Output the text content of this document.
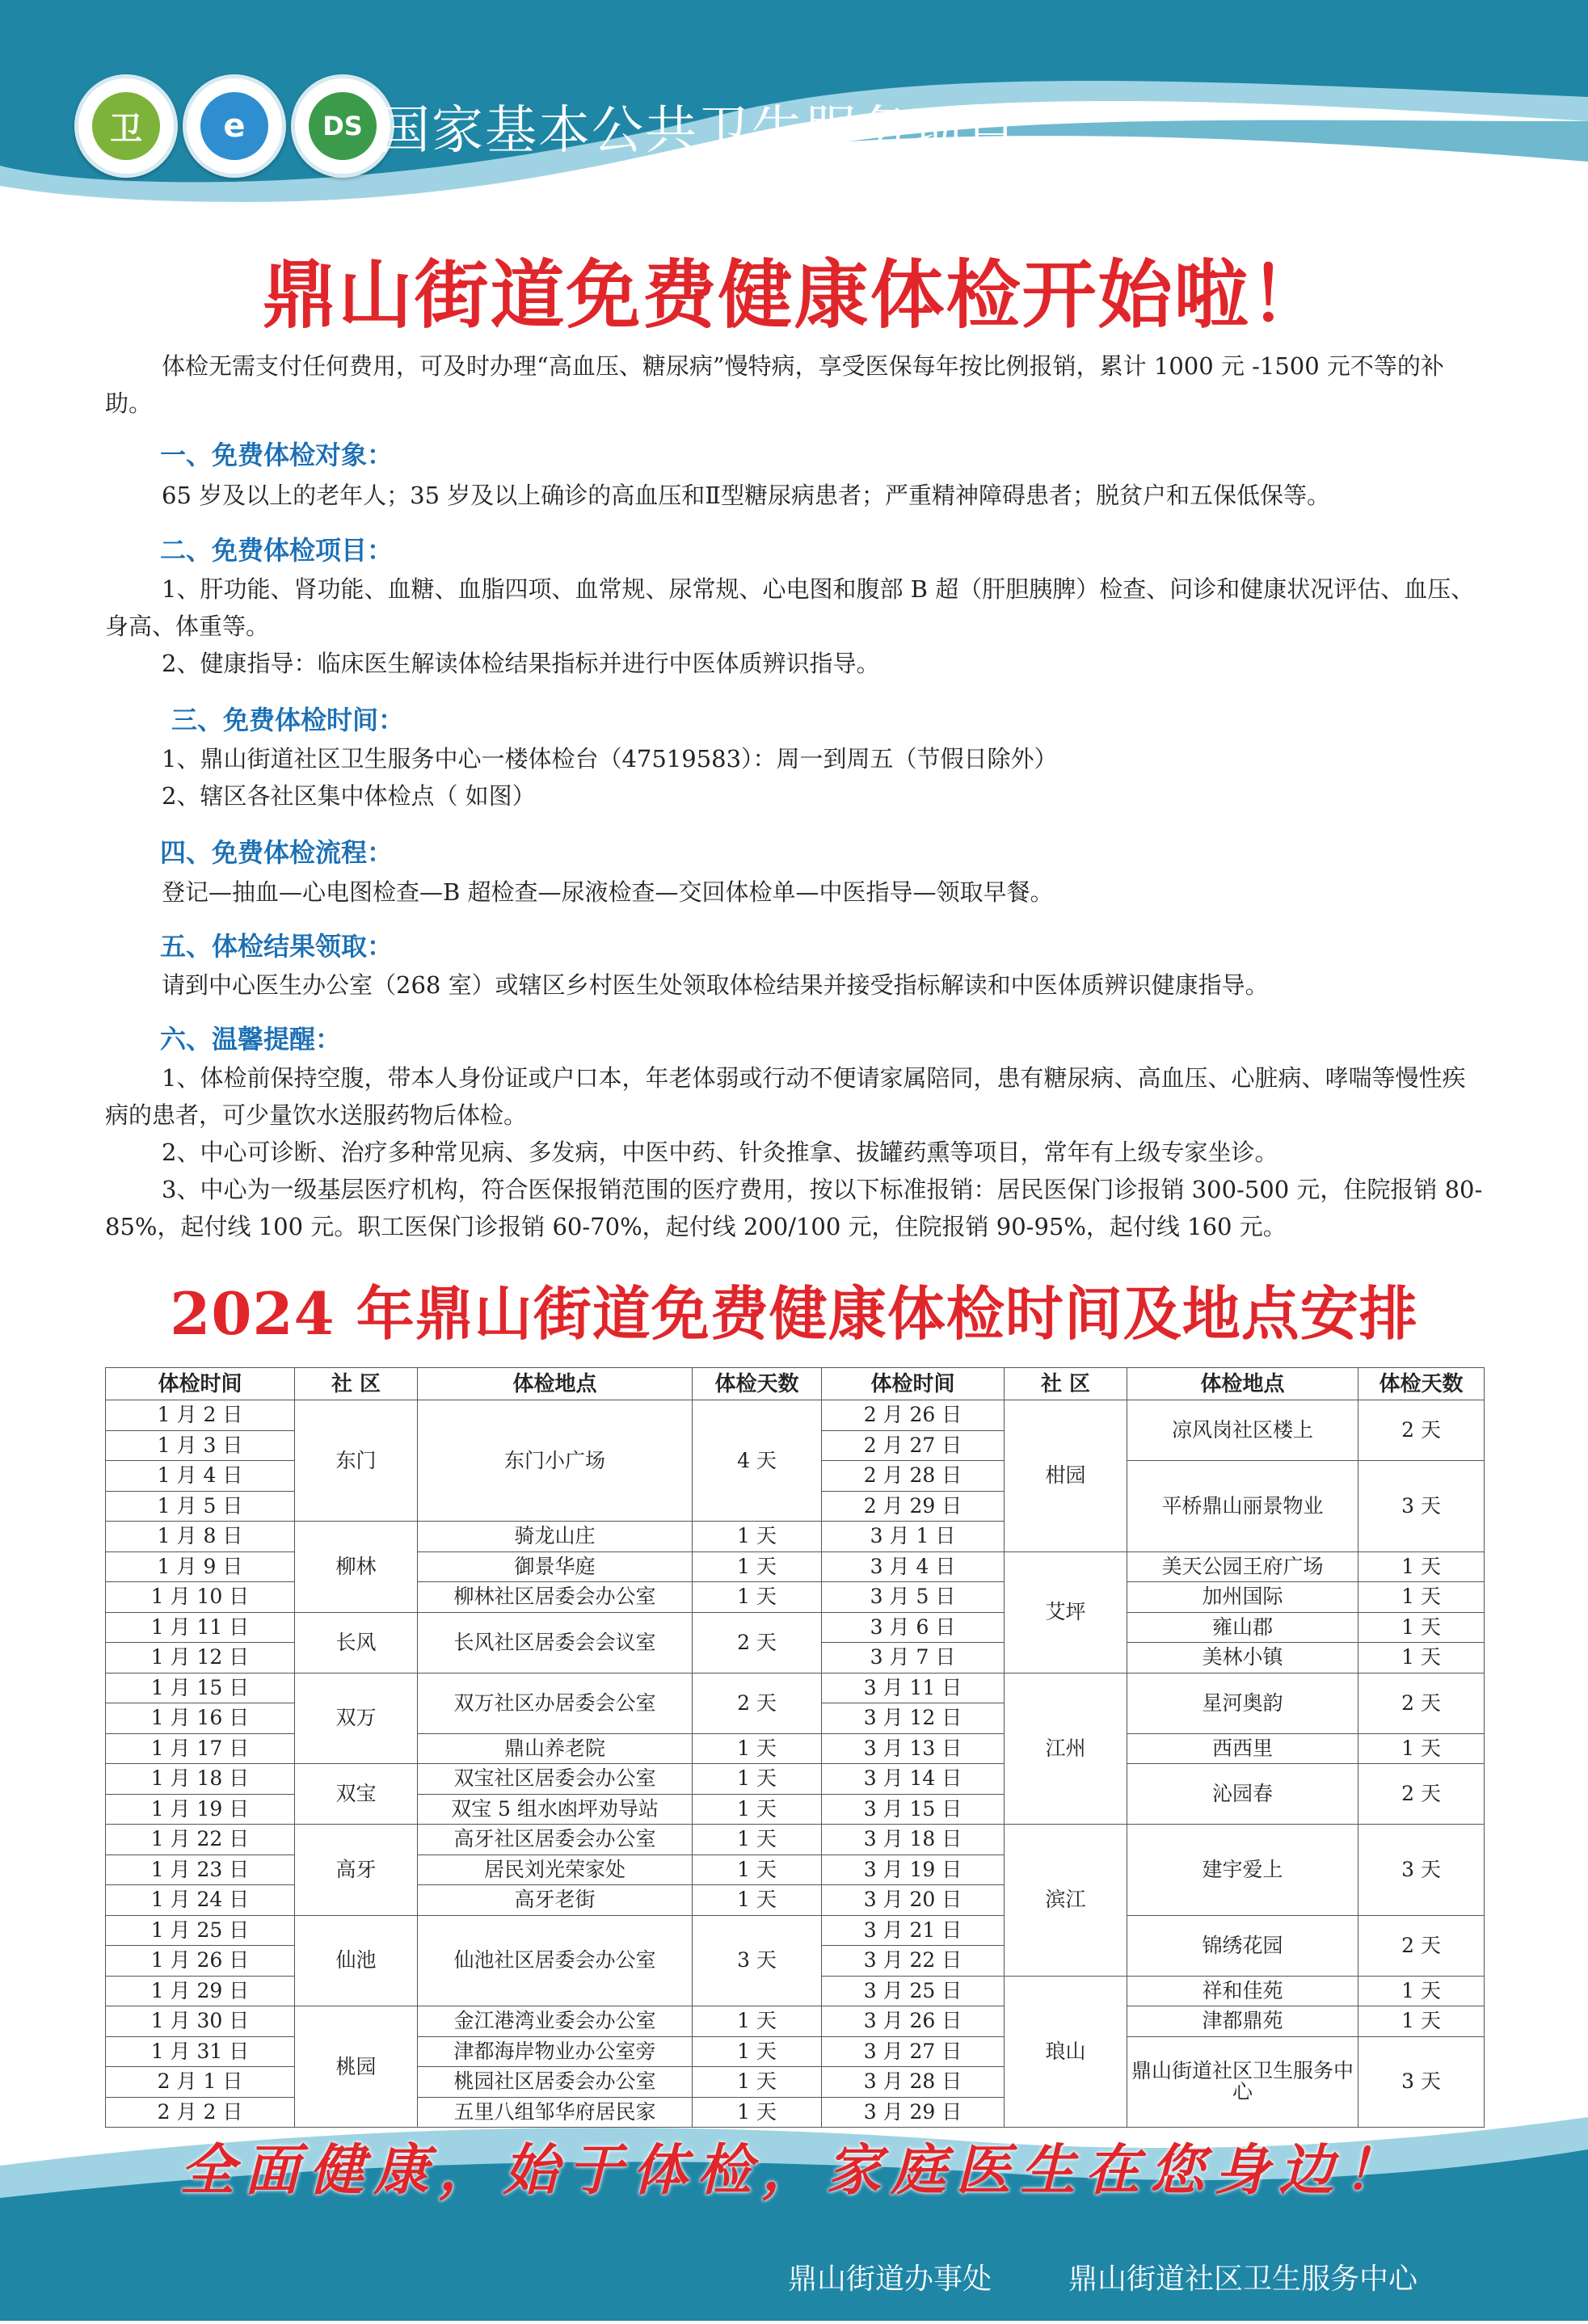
卫	e	DS 国家基本公共卫生服务项目
鼎山街道免费健康体检开始啦！
体检无需支付任何费用，可及时办理“高血压、糖尿病”慢特病，享受医保每年按比例报销，累计 1000 元 -1500 元不等的补助。
一、免费体检对象：
65 岁及以上的老年人；35 岁及以上确诊的高血压和Ⅱ型糖尿病患者；严重精神障碍患者；脱贫户和五保低保等。
二、免费体检项目：
1、肝功能、肾功能、血糖、血脂四项、血常规、尿常规、心电图和腹部 B 超（肝胆胰脾）检查、问诊和健康状况评估、血压、身高、体重等。
2、健康指导：临床医生解读体检结果指标并进行中医体质辨识指导。
三、免费体检时间：
1、鼎山街道社区卫生服务中心一楼体检台（47519583）：周一到周五（节假日除外）
2、辖区各社区集中体检点（ 如图）
四、免费体检流程：
登记—抽血—心电图检查—B 超检查—尿液检查—交回体检单—中医指导—领取早餐。
五、体检结果领取：
请到中心医生办公室（268 室）或辖区乡村医生处领取体检结果并接受指标解读和中医体质辨识健康指导。
六、温馨提醒：
1、体检前保持空腹，带本人身份证或户口本，年老体弱或行动不便请家属陪同，患有糖尿病、高血压、心脏病、哮喘等慢性疾病的患者，可少量饮水送服药物后体检。
2、中心可诊断、治疗多种常见病、多发病，中医中药、针灸推拿、拔罐药熏等项目，常年有上级专家坐诊。
3、中心为一级基层医疗机构，符合医保报销范围的医疗费用，按以下标准报销：居民医保门诊报销 300-500 元，住院报销 80-85%，起付线 100 元。职工医保门诊报销 60-70%，起付线 200/100 元，住院报销 90-95%，起付线 160 元。
2024 年鼎山街道免费健康体检时间及地点安排
体检时间	社 区	体检地点	体检天数	体检时间	社 区	体检地点	体检天数
1 月 2 日	东门	东门小广场	4 天	2 月 26 日	柑园	凉风岗社区楼上	2 天
1 月 3 日				2 月 27 日			
1 月 4 日				2 月 28 日		平桥鼎山丽景物业	3 天
1 月 5 日				2 月 29 日			
1 月 8 日	柳林	骑龙山庄	1 天	3 月 1 日			
1 月 9 日		御景华庭	1 天	3 月 4 日	艾坪	美天公园王府广场	1 天
1 月 10 日		柳林社区居委会办公室	1 天	3 月 5 日		加州国际	1 天
1 月 11 日	长风	长风社区居委会会议室	2 天	3 月 6 日		雍山郡	1 天
1 月 12 日				3 月 7 日		美林小镇	1 天
1 月 15 日	双万	双万社区办居委会公室	2 天	3 月 11 日	江州	星河奥韵	2 天
1 月 16 日				3 月 12 日			
1 月 17 日		鼎山养老院	1 天	3 月 13 日		西西里	1 天
1 月 18 日	双宝	双宝社区居委会办公室	1 天	3 月 14 日		沁园春	2 天
1 月 19 日		双宝 5 组水凼坪劝导站	1 天	3 月 15 日			
1 月 22 日	高牙	高牙社区居委会办公室	1 天	3 月 18 日	滨江	建宇爱上	3 天
1 月 23 日		居民刘光荣家处	1 天	3 月 19 日			
1 月 24 日		高牙老街	1 天	3 月 20 日			
1 月 25 日	仙池	仙池社区居委会办公室	3 天	3 月 21 日		锦绣花园	2 天
1 月 26 日				3 月 22 日			
1 月 29 日				3 月 25 日	琅山	祥和佳苑	1 天
1 月 30 日	桃园	金江港湾业委会办公室	1 天	3 月 26 日		津都鼎苑	1 天
1 月 31 日		津都海岸物业办公室旁	1 天	3 月 27 日		鼎山街道社区卫生服务中心	3 天
2 月 1 日		桃园社区居委会办公室	1 天	3 月 28 日			
2 月 2 日		五里八组邹华府居民家	1 天	3 月 29 日			
全面健康，始于体检，家庭医生在您身边！
鼎山街道办事处	鼎山街道社区卫生服务中心
